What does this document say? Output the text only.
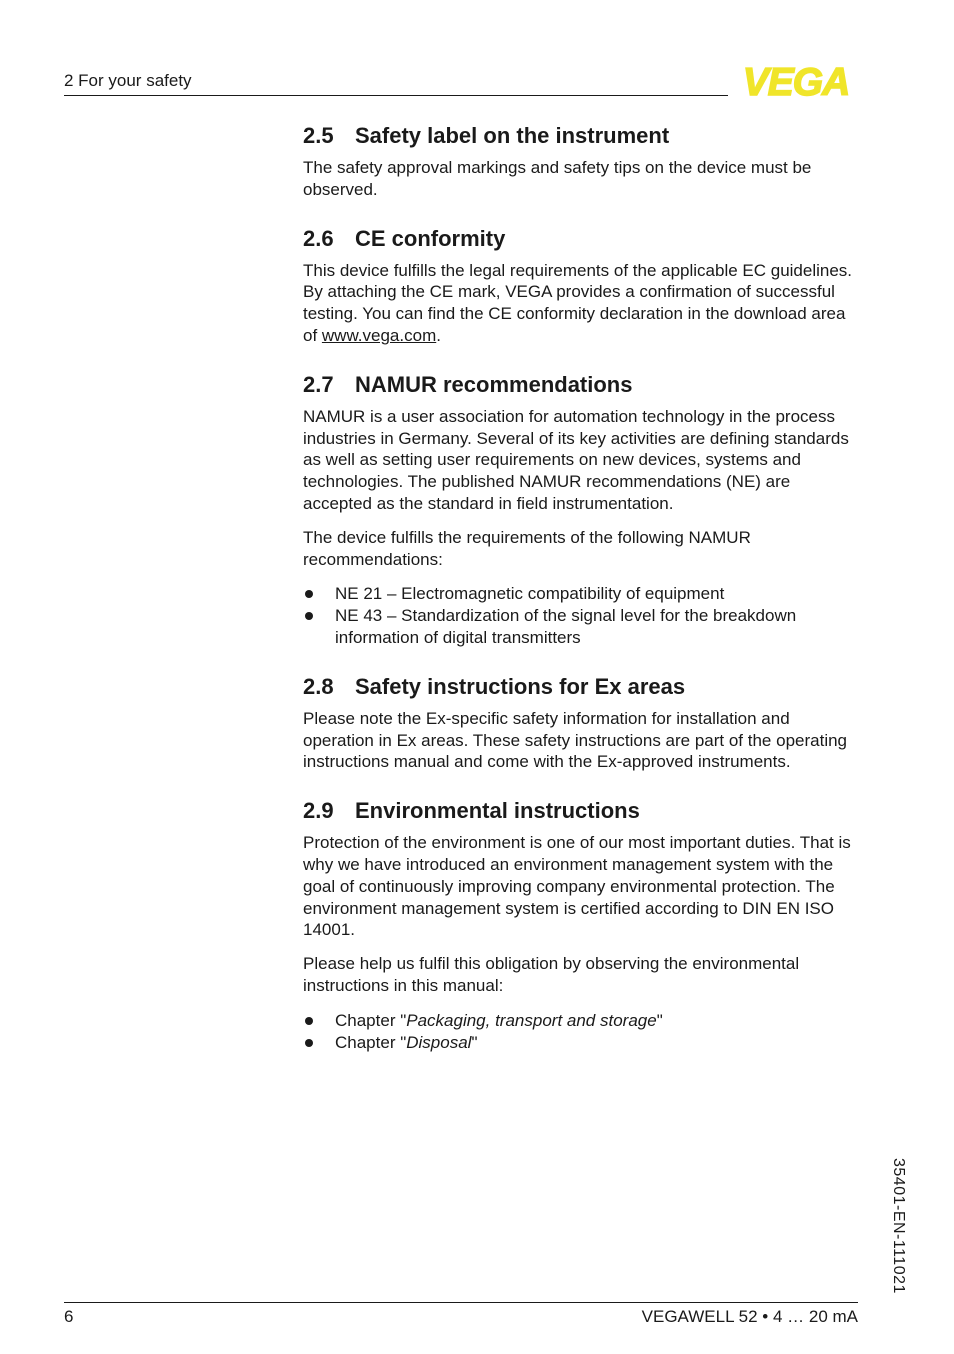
2 For your safety	VEGA
2.5 Safety label on the instrument

The safety approval markings and safety tips on the device must be observed.

2.6 CE conformity

This device fulfills the legal requirements of the applicable EC guidelines. By attaching the CE mark, VEGA provides a confirmation of successful testing. You can find the CE conformity declaration in the download area of www.vega.com.

2.7 NAMUR recommendations

NAMUR is a user association for automation technology in the process industries in Germany. Several of its key activities are defining standards as well as setting user requirements on new devices, systems and technologies. The published NAMUR recommendations (NE) are accepted as the standard in field instrumentation.

The device fulfills the requirements of the following NAMUR recommendations:

NE 21 – Electromagnetic compatibility of equipment
NE 43 – Standardization of the signal level for the breakdown information of digital transmitters
2.8 Safety instructions for Ex areas

Please note the Ex-specific safety information for installation and operation in Ex areas. These safety instructions are part of the operating instructions manual and come with the Ex-approved instruments.

2.9 Environmental instructions

Protection of the environment is one of our most important duties. That is why we have introduced an environment management system with the goal of continuously improving company environmental protection. The environment management system is certified according to DIN EN ISO 14001.

Please help us fulfil this obligation by observing the environmental instructions in this manual:

Chapter "Packaging, transport and storage"
Chapter "Disposal"
35401-EN-111021
6	VEGAWELL 52 • 4 … 20 mA
